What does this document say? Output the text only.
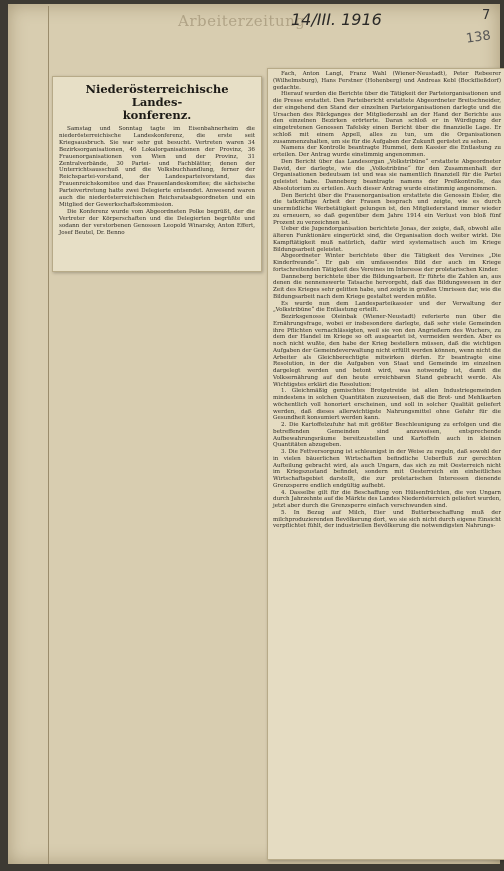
Arbeiterzeitung
14/III. 1916	7
138
Niederösterreichische Landes-
konferenz.

Samstag und Sonntag tagte im Eisenbahnerheim die niederösterreichische Landeskonferenz, die erste seit Kriegsausbruch. Sie war sehr gut besucht. Vertreten waren 34 Bezirksorganisationen, 46 Lokalorganisationen der Provinz, 36 Frauenorganisationen von Wien und der Provinz, 31 Zentralverbände, 30 Partei- und Fachblätter, denen der Unterrichtsausschuß und die Volksbuchhandlung, ferner der Reichspartei-vorstand, der Landesparteivorstand, das Frauenreichskomitee und das Frauenlandeskomitee; die sächsische Parteivertretung hatte zwei Delegierte entsendet. Anwesend waren auch die niederösterreichischen Reichsratsabgeordneten und ein Mitglied der Gewerkschaftskommission.

Die Konferenz wurde vom Abgeordneten Polke begrüßt, der die Vertreter der Körperschaften und die Delegierten begrüßte und sodann der verstorbenen Genossen Leopold Winarsky, Anton Effert, Josef Beutel, Dr. Benno

Fach, Anton Langl, Franz Wahl (Wiener-Neustadt), Peter Rebeerer (Wilhelmsburg), Hans Ferstner (Hohenberg) und Andreas Kebl (Bockfließdorf) gedachte.

Hierauf wurden die Berichte über die Tätigkeit der Parteiorganisationen und die Presse erstattet. Den Parteibericht erstattete Abgeordneter Breitschneider, der eingehend den Stand der einzelnen Parteiorganisationen darlegte und die Ursachen des Rückganges der Mitgliederzahl an der Hand der Berichte aus den einzelnen Bezirken erörterte. Daran schloß er in Würdigung der eingetretenen Genossen Tafelsky einen Bericht über die finanzielle Lage. Er schloß mit einem Appell, alles zu tun, um die Organisationen zusammenzuhalten, um sie für die Aufgaben der Zukunft gerüstet zu sehen.

Namens der Kontrolle beantragte Hummel, dem Kassier die Entlastung zu erteilen. Der Antrag wurde einstimmig angenommen.

Den Bericht über das Landesorgan „Volkstribüne“ erstattete Abgeordneter David, der darlegte, wie die „Volkstribüne“ für den Zusammenhalt der Organisationen bedeutsam ist und was sie namentlich finanziell für die Partei geleistet habe. Danneberg beantragte namens der Preßkontrolle, das Absolutorium zu erteilen. Auch dieser Antrag wurde einstimmig angenommen.

Den Bericht über die Frauenorganisation erstattete die Genossin Eisler, die die tatkräftige Arbeit der Frauen besprach und zeigte, wie es durch unermüdliche Werbetätigkeit gelungen ist, den Mitgliederstand immer wieder zu erneuern, so daß gegenüber dem Jahre 1914 ein Verlust von bloß fünf Prozent zu verzeichnen ist.

Ueber die Jugendorganisation berichtete Jonas, der zeigte, daß, obwohl alle älteren Funktionäre eingerückt sind, die Organisation doch weiter wirkt. Die Kampftätigkeit muß natürlich, dafür wird systematisch auch im Kriege Bildungsarbeit geleistet.

Abgeordneter Winter berichtete über die Tätigkeit des Vereines „Die Kinderfreunde“. Er gab ein umfassendes Bild der auch im Kriege fortschreitenden Tätigkeit des Vereines im Interesse der proletarischen Kinder.

Danneberg berichtete über die Bildungsarbeit. Er führte die Zahlen an, aus denen die nennenswerte Tatsache hervorgeht, daß das Bildungswesen in der Zeit des Krieges sehr gelitten habe, und zeigte in großen Umrissen dar, wie die Bildungsarbeit nach dem Kriege gestaltet werden müßte.

Es wurde nun dem Landesparteikassier und der Verwaltung der „Volkstribüne“ die Entlastung erteilt.

Bezirksgenosse Oleinbak (Wiener-Neustadt) referierte nun über die Ernährungsfrage, wobei er insbesondere darlegte, daß sehr viele Gemeinden ihre Pflichten vernachlässigten, weil sie von den Angrießern des Wuchers, zu dem der Handel im Kriege so oft ausgeartet ist, vermeiden werden. Aber es noch nicht wußte, den habe der Krieg bestellern müssen, daß die wichtigen Aufgaben der Gemeindeverwaltung nicht erfüllt werden können, wenn nicht die Arbeiter als Gleichberechtigte mitwirken dürfen. Er beantragte eine Resolution, in der die Aufgaben von Staat und Gemeinde im einzelnen dargelegt werden und betont wird, was notwendig ist, damit die Volksernährung auf den heute erreichbaren Stand gebracht werde. Als Wichtigstes erklärt die Resolution:

1. Gleichmäßig gemischtes Brotgetreide ist allen Industriegemeinden mindestens in solchen Quantitäten zuzuweisen, daß die Brot- und Mehlkarten wöchentlich voll honoriert erscheinen, und soll in solcher Qualität geliefert werden, daß dieses allerwichtigste Nahrungsmittel ohne Gefahr für die Gesundheit konsumiert werden kann.

2. Die Kartoffelzufuhr hat mit größter Beschleunigung zu erfolgen und die betreffenden Gemeinden sind anzuweisen, entsprechende Aufbewahrungsräume bereitzustellen und Kartoffeln auch in kleinen Quantitäten abzugeben.

3. Die Fettversorgung ist schleunigst in der Weise zu regeln, daß sowohl der in vielen bäuerlichen Wirtschaften befindliche Ueberfluß zur gerechten Aufteilung gebracht wird, als auch Ungarn, das sich zu mit Oesterreich nicht im Kriegszustand befindet, sondern mit Oesterreich ein einheitliches Wirtschaftsgebiet darstellt, die zur proletarischen Interessen dienende Grenzsperre endlich endgültig aufhebt.

4. Dasselbe gilt für die Beschaffung von Hülsenfrüchten, die von Ungarn durch Jahrzehnte auf die Märkte des Landes Niederösterreich geliefert wurden, jetzt aber durch die Grenzsperre einfach verschwunden sind.

5. In Bezug auf Milch, Eier und Butterbeschaffung muß der milchproduzierenden Bevölkerung dort, wo sie sich nicht durch eigene Einsicht verpflichtet fühlt, der industriellen Bevölkerung die notwendigsten Nahrungs-
